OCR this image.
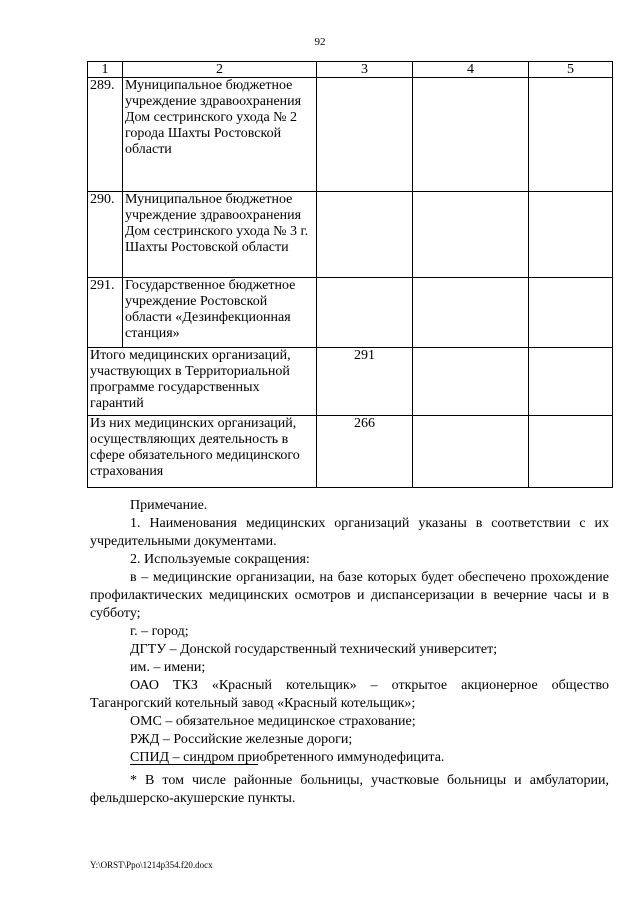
92
1	2	3	4	5
289.	Муниципальное бюджетное учреждение здравоохранения Дом сестринского ухода № 2 города Шахты Ростовской области			
290.	Муниципальное бюджетное учреждение здравоохранения Дом сестринского ухода № 3 г. Шахты Ростовской области			
291.	Государственное бюджетное учреждение Ростовской области «Дезинфекционная станция»			
Итого медицинских организаций, участвующих в Территориальной программе государственных гарантий		291		
Из них медицинских организаций, осуществляющих деятельность в сфере обязательного медицинского страхования		266		

Примечание.

1. Наименования медицинских организаций указаны в соответствии с их учредительными документами.

2. Используемые сокращения:

в – медицинские организации, на базе которых будет обеспечено прохождение профилактических медицинских осмотров и диспансеризации в вечерние часы и в субботу;

г. – город;

ДГТУ – Донской государственный технический университет;

им. – имени;

ОАО ТКЗ «Красный котельщик» – открытое акционерное общество Таганрогский котельный завод «Красный котельщик»;

ОМС – обязательное медицинское страхование;

РЖД – Российские железные дороги;

СПИД – синдром приобретенного иммунодефицита.

* В том числе районные больницы, участковые больницы и амбулатории, фельдшерско-акушерские пункты.

Y:\ORST\Ppo\1214p354.f20.docx
